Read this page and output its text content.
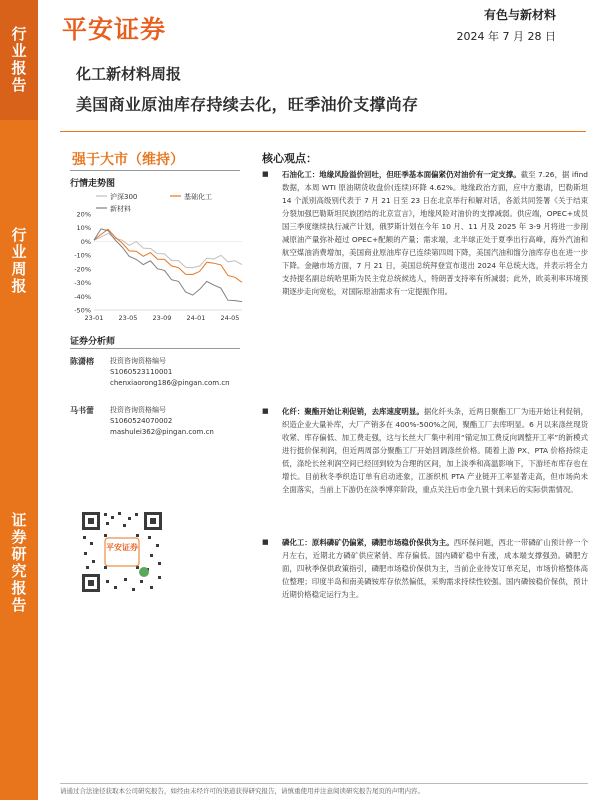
行业报告
行业周报
证券研究报告
平安证券	有色与新材料
2024 年 7 月 28 日
化工新材料周报
美国商业原油库存持续去化，旺季油价支撑尚存
强于大市（维持）
行情走势图
沪深300	基础化工
新材料
20%
10%
0%
-10%
-20%
-30%
-40%
-50%
23-01 23-05 23-09 24-01 24-05
证券分析师
陈潇榕	投资咨询资格编号
S1060523110001
chenxiaorong186@pingan.com.cn
马书蕾	投资咨询资格编号
S1060524070002
mashulei362@pingan.com.cn
平安证券
核心观点：
■ 石油化工：地缘风险溢价回吐，但旺季基本面偏紧仍对油价有一定支撑。截至 7.26，据 ifind 数据，本周 WTI 原油期货收盘价(连续)环降 4.62%。地缘政治方面，应中方邀请，巴勒斯坦 14 个派别高级别代表于 7 月 21 日至 23 日在北京举行和解对话，各派共同签署《关于结束分裂加强巴勒斯坦民族团结的北京宣言》，地缘风险对油价的支撑减弱。供应端，OPEC+成员国三季度继续执行减产计划，俄罗斯计划在今年 10 月、11 月及 2025 年 3-9 月将进一步削减原油产量弥补超过 OPEC+配额的产量；需求端，北半球正处于夏季出行高峰，海外汽油和航空煤油消费增加，美国商业原油库存已连续第四周下降，美国汽油和馏分油库存也在进一步下降。金融市场方面，7 月 21 日，美国总统拜登宣布退出 2024 年总统大选，并表示将全力支持提名副总统哈里斯为民主党总统候选人，特朗普支持率有所减弱；此外，欧美利率环境预期逐步走向宽松，对国际原油需求有一定提振作用。
■ 化纤：聚酯开始让利促销，去库速度明显。据化纤头条，近两日聚酯工厂为违开始让利促销，织造企业大量补库，大厂产销多在 400%-500%之间，聚酯工厂去库明显。6 月以来涤丝现货收紧、库存偏低、加工费走强，这与长丝大厂集中利用“锚定加工费反向调整开工率”的新模式进行挺价保利润，但近两周部分聚酯工厂开始回调涤丝价格。随着上游 PX、PTA 价格持续走低，涤纶长丝利润空间已经回到较为合理的区间，加上淡季和高温影响下，下游坯布库存也在增长。目前秋冬季织造订单有启动迹象，江浙织机 PTA 产业链开工率显著走高，但市场尚未全面落实，当前上下游仍在淡季博弈阶段，重点关注后市金九银十到来后的实际供需情况。
■ 磷化工：原料磷矿仍偏紧，磷肥市场稳价保供为主。西环保问题，西北一带磷矿山预计停一个月左右，近期北方磷矿供应紧俏、库存偏低。国内磷矿稳中有涨，成本端支撑强劲。磷肥方面，四秋季保供政策指引，磷肥市场稳价保供为主，当前企业待发订单充足，市场价格整体高位整理；印度半岛和南美磷铵库存依然偏低，采购需求持续性较强。国内磷铵稳价保供，预计近期价格稳定运行为主。
请通过合法途径获取本公司研究报告，如经由未经许可的渠道获得研究报告，请慎重使用并注意阅读研究报告尾页的声明内容。
